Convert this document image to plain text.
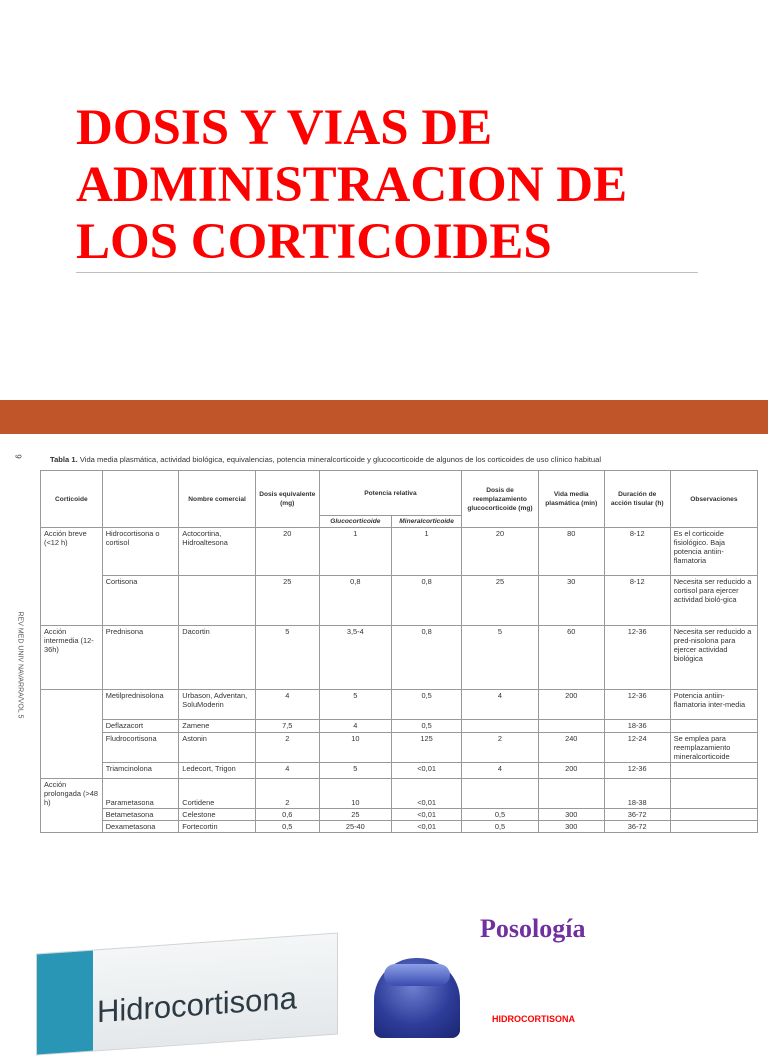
DOSIS Y VIAS DE
ADMINISTRACION DE
LOS CORTICOIDES
9
REV MED UNIV NAVARRA/VOL 5
Tabla 1. Vida media plasmática, actividad biológica, equivalencias, potencia mineralcorticoide y glucocorticoide de algunos de los corticoides de uso clínico habitual
Corticoide		Nombre comercial	Dosis equivalente (mg)	Potencia relativa		Dosis de reemplazamiento glucocorticoide (mg)	Vida media plasmática (min)	Duración de acción tisular (h)	Observaciones
				Glucocorticoide	Mineralcorticoide				
Acción breve (<12 h)	Hidrocortisona o cortisol	Actocortina, Hidroaltesona	20	1	1	20	80	8-12	Es el corticoide fisiológico. Baja potencia antiin-flamatoria
	Cortisona		25	0,8	0,8	25	30	8-12	Necesita ser reducido a cortisol para ejercer actividad bioló-gica
Acción intermedia (12-36h)	Prednisona	Dacortin	5	3,5-4	0,8	5	60	12-36	Necesita ser reducido a pred-nisolona para ejercer actividad biológica
	Metilprednisolona	Urbason, Adventan, SoluModerin	4	5	0,5	4	200	12-36	Potencia antiin-flamatoria inter-media
	Deflazacort	Zamene	7,5	4	0,5			18-36	
	Fludrocortisona	Astonin	2	10	125	2	240	12-24	Se emplea para reemplazamiento mineralcorticoide
	Triamcinolona	Ledecort, Trigon	4	5	<0,01	4	200	12-36	
Acción prolongada (>48 h)	Parametasona	Cortidene	2	10	<0,01			18-38	
	Betametasona	Celestone	0,6	25	<0,01	0,5	300	36-72	
	Dexametasona	Fortecortin	0,5	25-40	<0,01	0,5	300	36-72	
Hidrocortisona
Posología
HIDROCORTISONA
